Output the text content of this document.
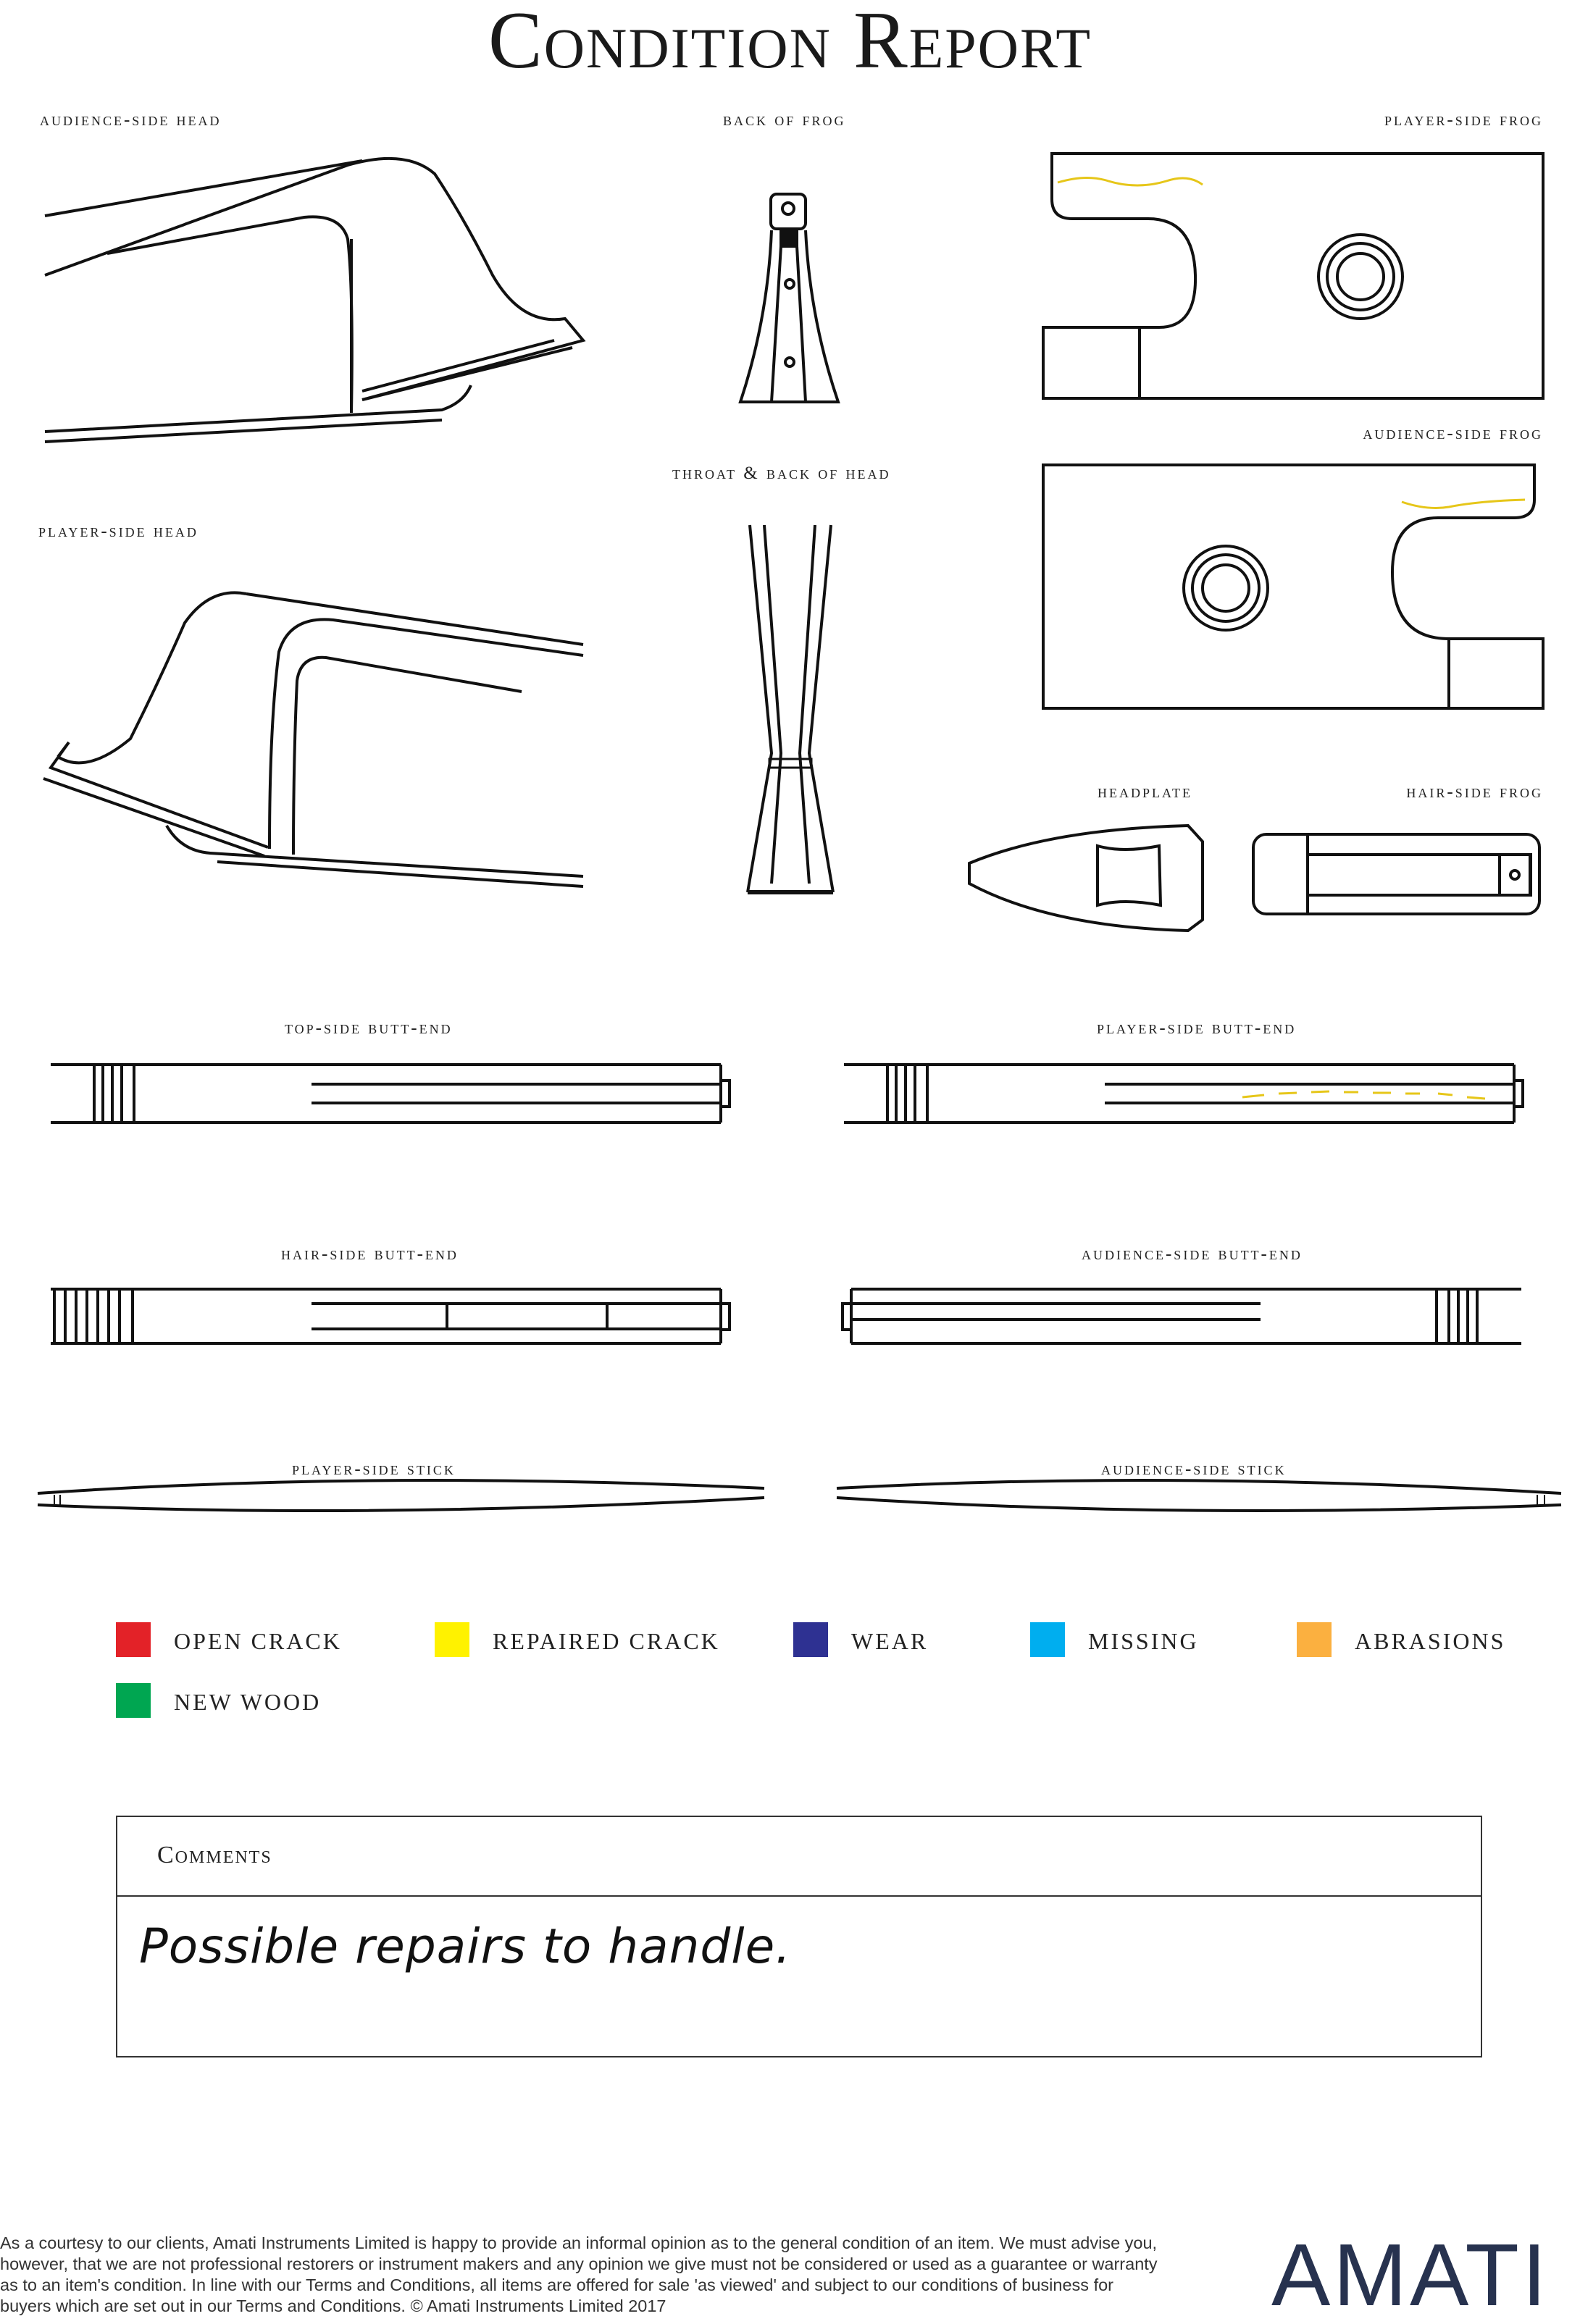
Condition Report
audience-side head	back of frog	player-side frog
audience-side frog
throat & back of head
player-side head
headplate	hair-side frog
top-side butt-end	player-side butt-end
hair-side butt-end	audience-side butt-end
player-side stick	audience-side stick
OPEN CRACK	REPAIRED CRACK	WEAR	MISSING	ABRASIONS
NEW WOOD
Comments
Possible repairs to handle.
As a courtesy to our clients, Amati Instruments Limited is happy to provide an informal opinion as to the general condition of an item. We must advise you, however, that we are not professional restorers or instrument makers and any opinion we give must not be considered or used as a guarantee or warranty as to an item's condition. In line with our Terms and Conditions, all items are offered for sale 'as viewed' and subject to our conditions of business for buyers which are set out in our Terms and Conditions. © Amati Instruments Limited 2017	AMATI
